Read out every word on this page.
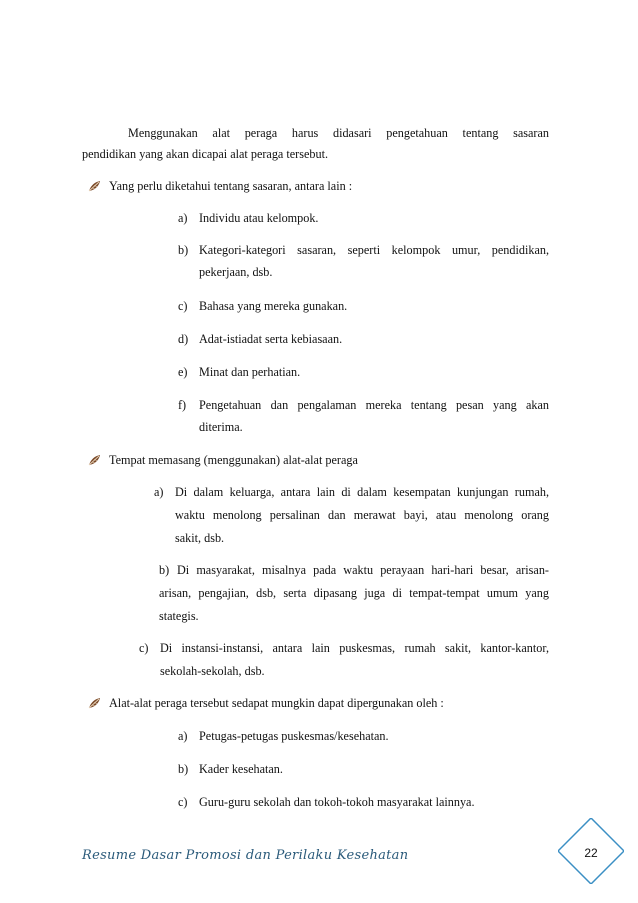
Menggunakan alat peraga harus didasari pengetahuan tentang sasaran
pendidikan yang akan dicapai alat peraga tersebut.
Yang perlu diketahui tentang sasaran, antara lain :
a) Individu atau kelompok.
b) Kategori-kategori sasaran, seperti kelompok umur, pendidikan,
pekerjaan, dsb.
c) Bahasa yang mereka gunakan.
d) Adat-istiadat serta kebiasaan.
e) Minat dan perhatian.
f) Pengetahuan dan pengalaman mereka tentang pesan yang akan
diterima.
Tempat memasang (menggunakan) alat-alat peraga
a) Di dalam keluarga, antara lain di dalam kesempatan kunjungan rumah,
waktu menolong persalinan dan merawat bayi, atau menolong orang
sakit, dsb.
b) Di masyarakat, misalnya pada waktu perayaan hari-hari besar, arisan-
arisan, pengajian, dsb, serta dipasang juga di tempat-tempat umum yang
stategis.
c) Di instansi-instansi, antara lain puskesmas, rumah sakit, kantor-kantor,
sekolah-sekolah, dsb.
Alat-alat peraga tersebut sedapat mungkin dapat dipergunakan oleh :
a) Petugas-petugas puskesmas/kesehatan.
b) Kader kesehatan.
c) Guru-guru sekolah dan tokoh-tokoh masyarakat lainnya.
Resume Dasar Promosi dan Perilaku Kesehatan	22
